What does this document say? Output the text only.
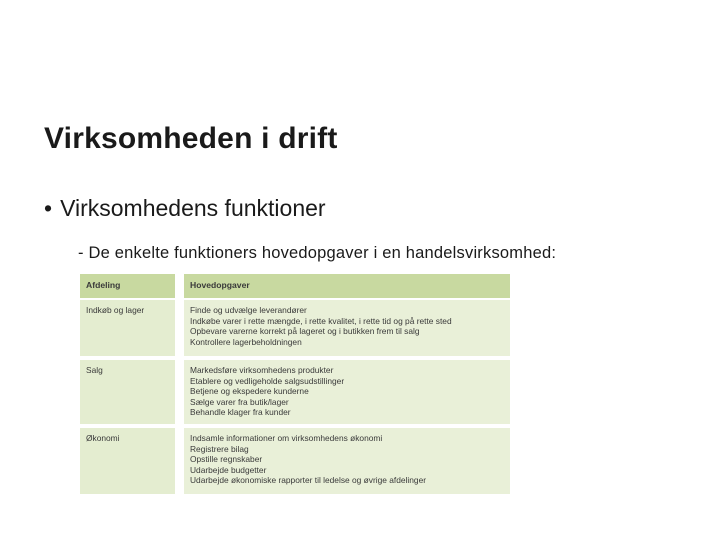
Virksomheden i drift
• Virksomhedens funktioner
- De enkelte funktioners hovedopgaver i en handelsvirksomhed:
Afdeling	Hovedopgaver
Indkøb og lager	Finde og udvælge leverandører
Indkøbe varer i rette mængde, i rette kvalitet, i rette tid og på rette sted
Opbevare varerne korrekt på lageret og i butikken frem til salg
Kontrollere lagerbeholdningen
Salg	Markedsføre virksomhedens produkter
Etablere og vedligeholde salgsudstillinger
Betjene og ekspedere kunderne
Sælge varer fra butik/lager
Behandle klager fra kunder
Økonomi	Indsamle informationer om virksomhedens økonomi
Registrere bilag
Opstille regnskaber
Udarbejde budgetter
Udarbejde økonomiske rapporter til ledelse og øvrige afdelinger
